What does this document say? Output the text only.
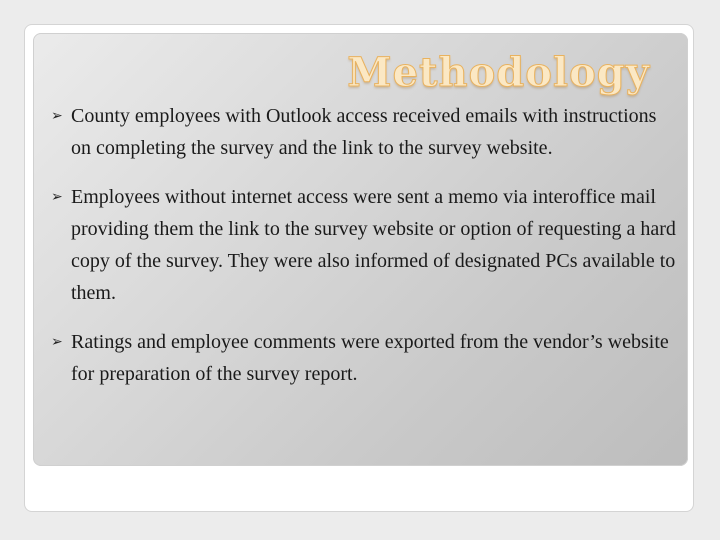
Methodology
➢ County employees with Outlook access received emails with instructions on completing the survey and the link to the survey website.
➢ Employees without internet access were sent a memo via interoffice mail providing them the link to the survey website or option of requesting a hard copy of the survey. They were also informed of designated PCs available to them.
➢ Ratings and employee comments were exported from the vendor’s website for preparation of the survey report.
